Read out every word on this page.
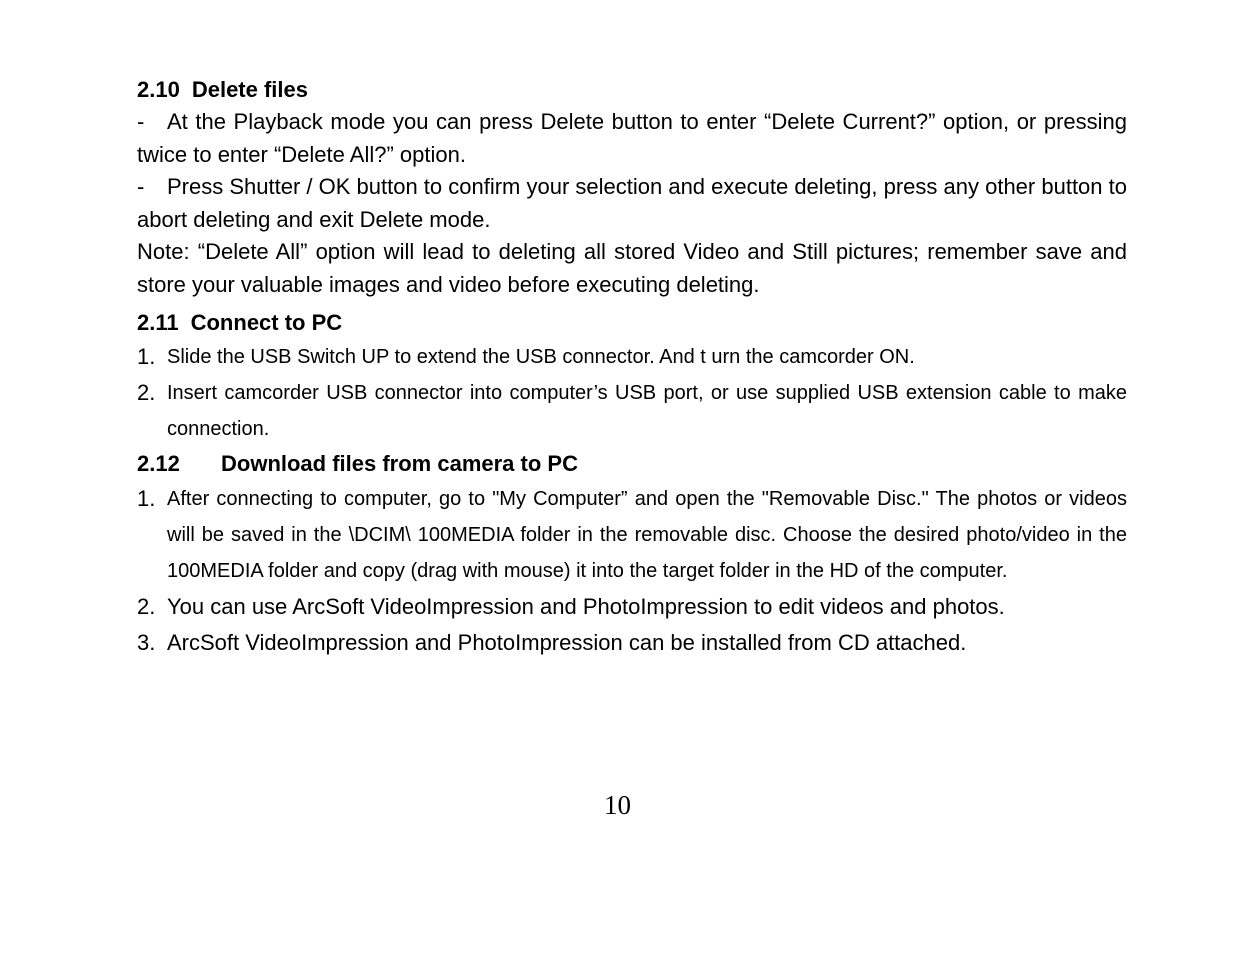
2.10 Delete files

- At the Playback mode you can press Delete button to enter “Delete Current?” option, or pressing twice to enter “Delete All?” option.

- Press Shutter / OK button to confirm your selection and execute deleting, press any other button to abort deleting and exit Delete mode.

Note: “Delete All” option will lead to deleting all stored Video and Still pictures; remember save and store your valuable images and video before executing deleting.

2.11 Connect to PC

1. Slide the USB Switch UP to extend the USB connector. And t urn the camcorder ON.

2. Insert camcorder USB connector into computer’s USB port, or use supplied USB extension cable to make connection.

2.12 Download files from camera to PC

1. After connecting to computer, go to "My Computer” and open the "Removable Disc." The photos or videos will be saved in the \DCIM\ 100MEDIA folder in the removable disc. Choose the desired photo/video in the 100MEDIA folder and copy (drag with mouse) it into the target folder in the HD of the computer.

2. You can use ArcSoft VideoImpression and PhotoImpression to edit videos and photos.

3. ArcSoft VideoImpression and PhotoImpression can be installed from CD attached.

10
